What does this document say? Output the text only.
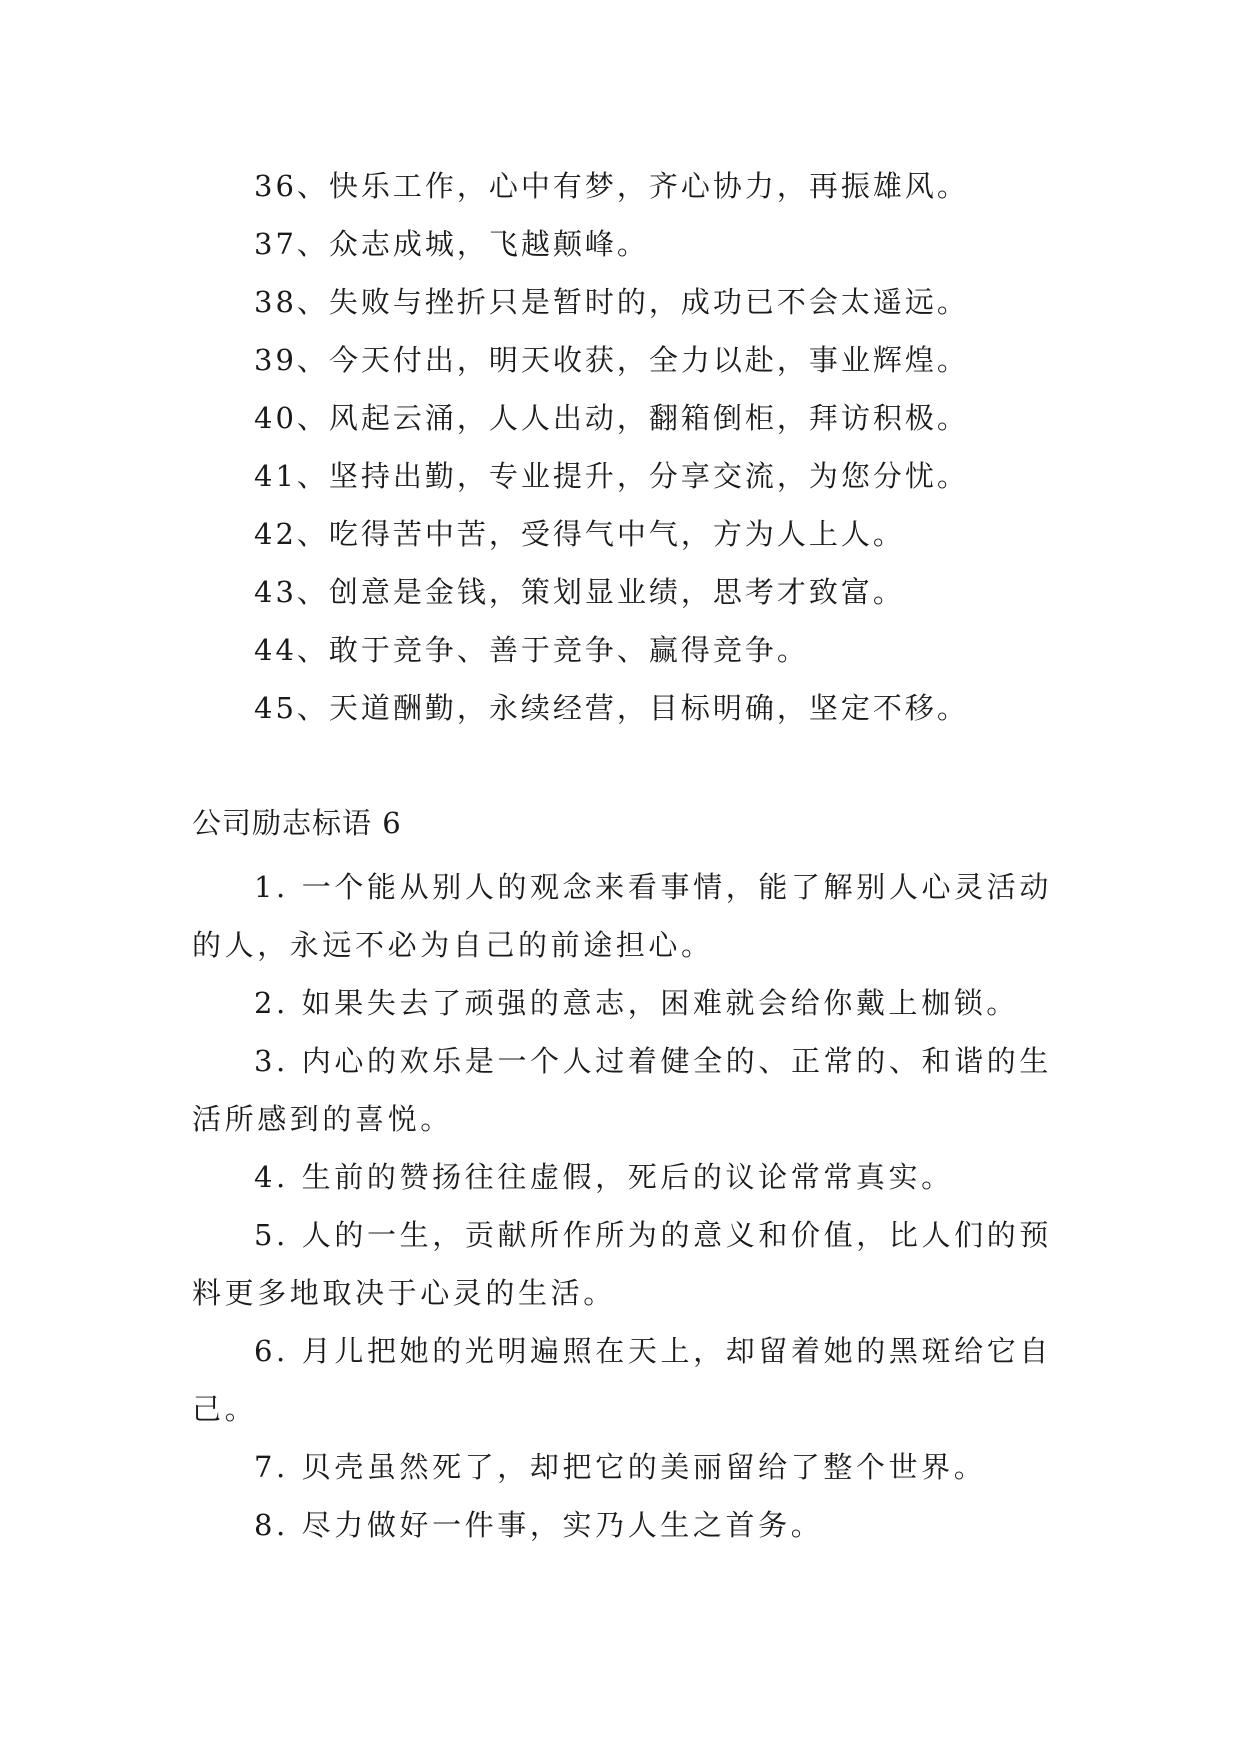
36、快乐工作，心中有梦，齐心协力，再振雄风。
37、众志成城，飞越颠峰。
38、失败与挫折只是暂时的，成功已不会太遥远。
39、今天付出，明天收获，全力以赴，事业辉煌。
40、风起云涌，人人出动，翻箱倒柜，拜访积极。
41、坚持出勤，专业提升，分享交流，为您分忧。
42、吃得苦中苦，受得气中气，方为人上人。
43、创意是金钱，策划显业绩，思考才致富。
44、敢于竞争、善于竞争、赢得竞争。
45、天道酬勤，永续经营，目标明确，坚定不移。
公司励志标语 6
1. 一个能从别人的观念来看事情，能了解别人心灵活动的人，永远不必为自己的前途担心。
2. 如果失去了顽强的意志，困难就会给你戴上枷锁。
3. 内心的欢乐是一个人过着健全的、正常的、和谐的生活所感到的喜悦。
4. 生前的赞扬往往虚假，死后的议论常常真实。
5. 人的一生，贡献所作所为的意义和价值，比人们的预料更多地取决于心灵的生活。
6. 月儿把她的光明遍照在天上，却留着她的黑斑给它自己。
7. 贝壳虽然死了，却把它的美丽留给了整个世界。
8. 尽力做好一件事，实乃人生之首务。
